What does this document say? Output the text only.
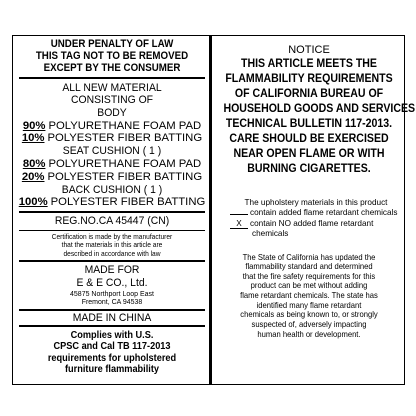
UNDER PENALTY OF LAW
THIS TAG NOT TO BE REMOVED
EXCEPT BY THE CONSUMER
ALL NEW MATERIAL
CONSISTING OF
BODY
90% POLYURETHANE FOAM PAD
10% POLYESTER FIBER BATTING
SEAT CUSHION ( 1 )
80% POLYURETHANE FOAM PAD
20% POLYESTER FIBER BATTING
BACK CUSHION ( 1 )
100% POLYESTER FIBER BATTING
REG.NO.CA 45447 (CN)
Certification is made by the manufacturer
that the materials in this article are
described in accordance with law
MADE FOR
E & E CO., Ltd.
45875 Northport Loop East
Fremont, CA 94538
MADE IN CHINA
Complies with U.S.
CPSC and Cal TB 117-2013
requirements for upholstered
furniture flammability
NOTICE
THIS ARTICLE MEETS THE
FLAMMABILITY REQUIREMENTS
OF CALIFORNIA BUREAU OF
HOUSEHOLD GOODS AND SERVICES
TECHNICAL BULLETIN 117-2013.
CARE SHOULD BE EXERCISED
NEAR OPEN FLAME OR WITH
BURNING CIGARETTES.
The upholstery materials in this product
contain added flame retardant chemicals
X contain NO added flame retardant
chemicals
The State of California has updated the
flammability standard and determined
that the fire safety requirements for this
product can be met without adding
flame retardant chemicals. The state has
identified many flame retardant
chemicals as being known to, or strongly
suspected of, adversely impacting
human health or development.
